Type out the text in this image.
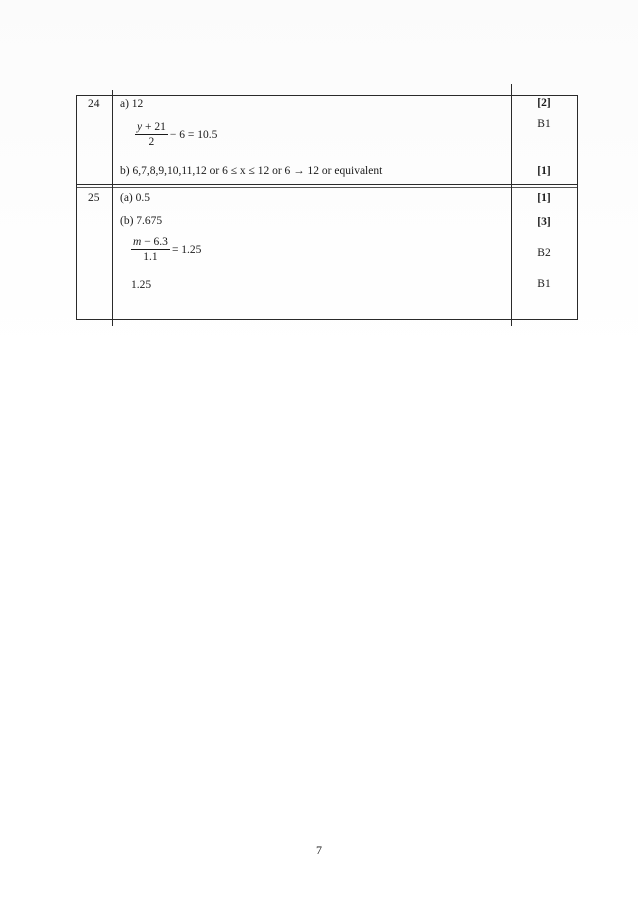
24 a) 12
$\frac{y + 21}{2} - 6 = 10.5$
b) 6,7,8,9,10,11,12 or 6 ≤ x ≤ 12 or 6 → 12 or equivalent
[2]
B1
[1]
25 (a) 0.5
(b) 7.675
$\frac{m - 6.3}{1.1} = 1.25$
1.25
[1]
[3]
B2
B1
7
